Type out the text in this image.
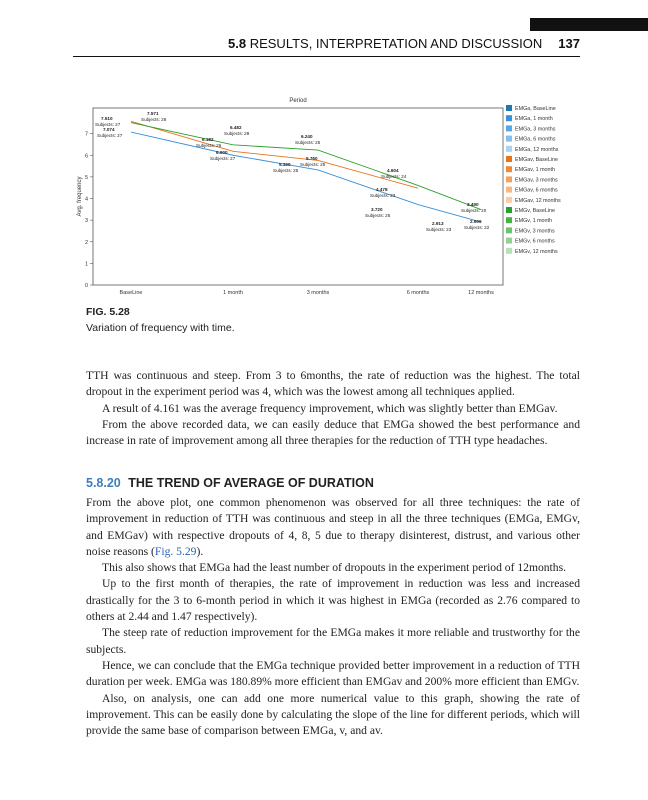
5.8 RESULTS, INTERPRETATION AND DISCUSSION 137
Period
Avg. frequency
0
1
2
3
4
5
6
7
BaseLine	1 month	3 months	6 months	12 months
7.510
Subjects: 27
7.571
Subjects: 28
7.074
Subjects: 27
6.482
Subjects: 28
6.182
Subjects: 26
6.000
Subjects: 27
6.240
Subjects: 25
5.760
Subjects: 25
5.320
Subjects: 25	4.604
Subjects: 24
4.478
Subjects: 23
3.720
Subjects: 25
3.490
Subjects: 20
2.913
Subjects: 23
2.909
Subjects: 22
EMGa, BaseLine
EMGa, 1 month
EMGa, 3 months
EMGa, 6 months
EMGa, 12 months
EMGav, BaseLine
EMGav, 1 month
EMGav, 3 months
EMGav, 6 months
EMGav, 12 months
EMGv, BaseLine
EMGv, 1 month
EMGv, 3 months
EMGv, 6 months
EMGv, 12 months
FIG. 5.28
Variation of frequency with time.

TTH was continuous and steep. From 3 to 6months, the rate of reduction was the highest. The total dropout in the experiment period was 4, which was the lowest among all techniques applied.

A result of 4.161 was the average frequency improvement, which was slightly better than EMGav.

From the above recorded data, we can easily deduce that EMGa showed the best performance and increase in rate of improvement among all three therapies for the reduction of TTH type headaches.

5.8.20 THE TREND OF AVERAGE OF DURATION

From the above plot, one common phenomenon was observed for all three techniques: the rate of improvement in reduction of TTH was continuous and steep in all the three techniques (EMGa, EMGv, and EMGav) with respective dropouts of 4, 8, 5 due to therapy disinterest, distrust, and various other noise reasons (Fig. 5.29).

This also shows that EMGa had the least number of dropouts in the experiment period of 12months.

Up to the first month of therapies, the rate of improvement in reduction was less and increased drastically for the 3 to 6-month period in which it was highest in EMGa (recorded as 2.76 compared to others at 2.44 and 1.47 respectively).

The steep rate of reduction improvement for the EMGa makes it more reliable and trustworthy for the subjects.

Hence, we can conclude that the EMGa technique provided better improvement in a reduction of TTH duration per week. EMGa was 180.89% more efficient than EMGav and 200% more efficient than EMGv.

Also, on analysis, one can add one more numerical value to this graph, showing the rate of improvement. This can be easily done by calculating the slope of the line for different periods, which will provide the same base of comparison between EMGa, v, and av.
